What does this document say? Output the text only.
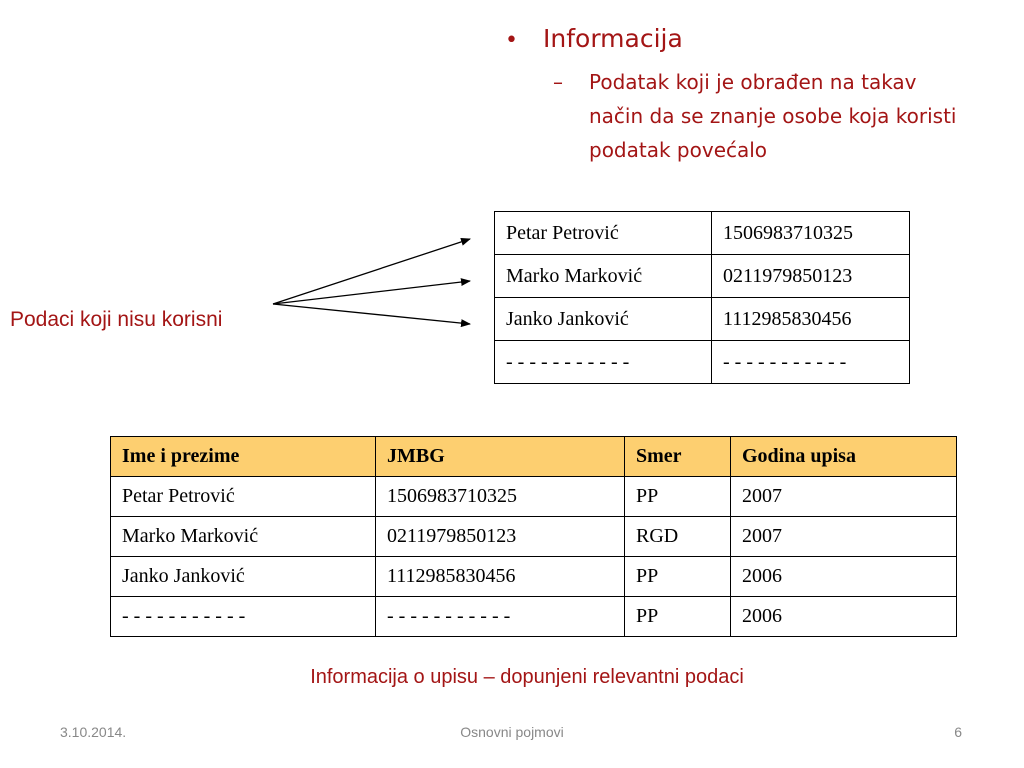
•	Informacija
–	Podatak koji je obrađen na takav način da se znanje osobe koja koristi podatak povećalo
Podaci koji nisu korisni
Petar Petrović	1506983710325
Marko Marković	0211979850123
Janko Janković	1112985830456
- - - - - - - - - - -	- - - - - - - - - - -
Ime i prezime	JMBG	Smer	Godina upisa
Petar Petrović	1506983710325	PP	2007
Marko Marković	0211979850123	RGD	2007
Janko Janković	1112985830456	PP	2006
- - - - - - - - - - -	- - - - - - - - - - -	PP	2006
Informacija o upisu – dopunjeni relevantni podaci
3.10.2014.	Osnovni pojmovi	6
